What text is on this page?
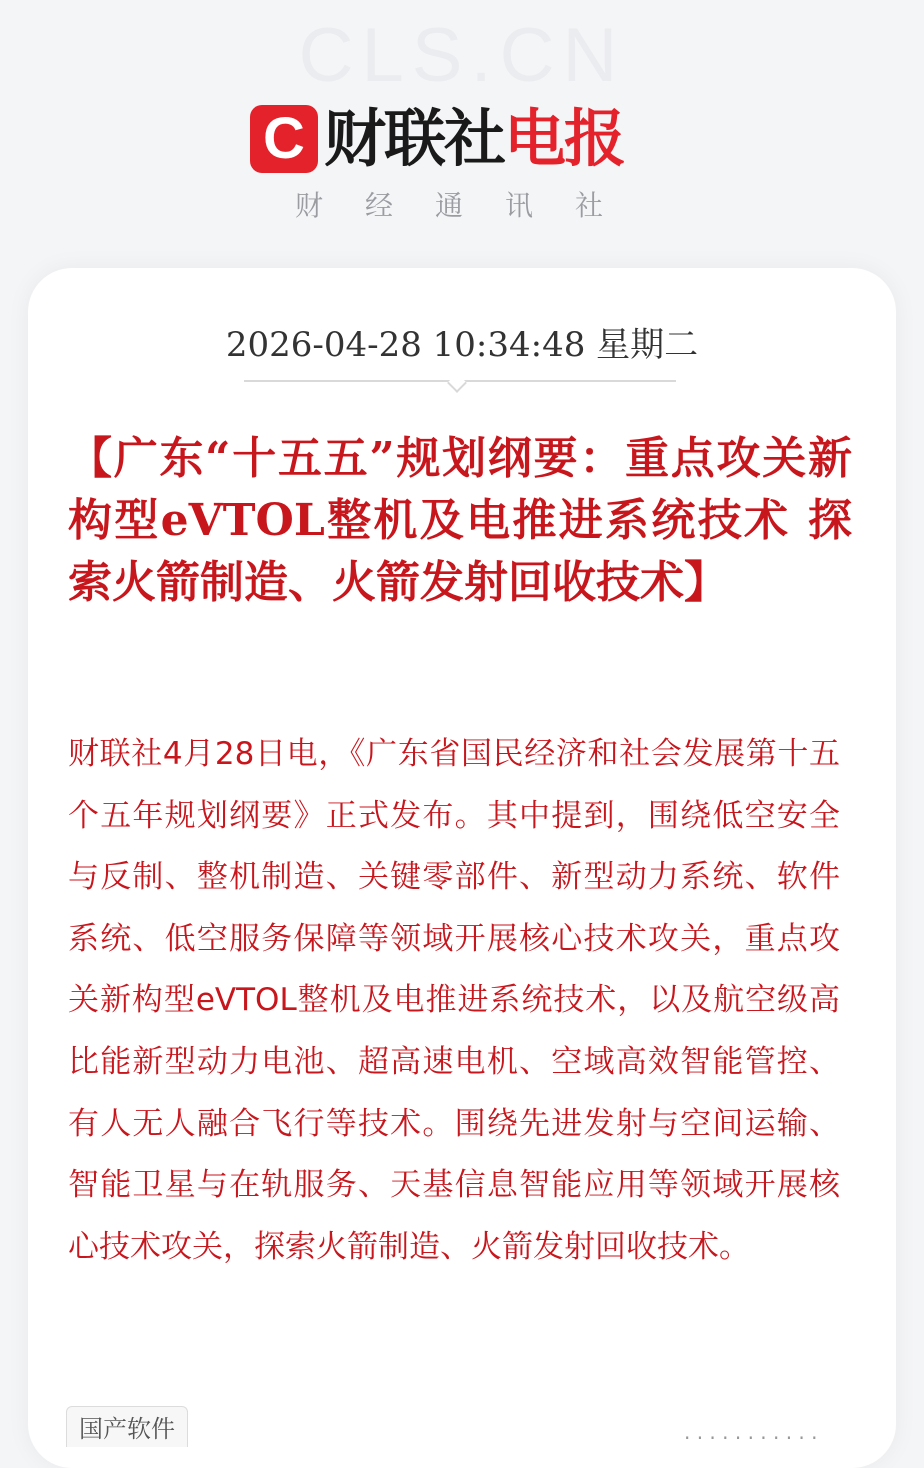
CLS.CN
C 财联社 电报
财经通讯社
2026-04-28 10:34:48 星期二

【广东“十五五”规划纲要：重点攻关新构型eVTOL整机及电推进系统技术 探索火箭制造、火箭发射回收技术】

财联社4月28日电，《广东省国民经济和社会发展第十五个五年规划纲要》正式发布。其中提到，围绕低空安全与反制、整机制造、关键零部件、新型动力系统、软件系统、低空服务保障等领域开展核心技术攻关，重点攻关新构型eVTOL整机及电推进系统技术，以及航空级高比能新型动力电池、超高速电机、空域高效智能管控、有人无人融合飞行等技术。围绕先进发射与空间运输、智能卫星与在轨服务、天基信息智能应用等领域开展核心技术攻关，探索火箭制造、火箭发射回收技术。

国产软件	· · · · · · · · · · ·
